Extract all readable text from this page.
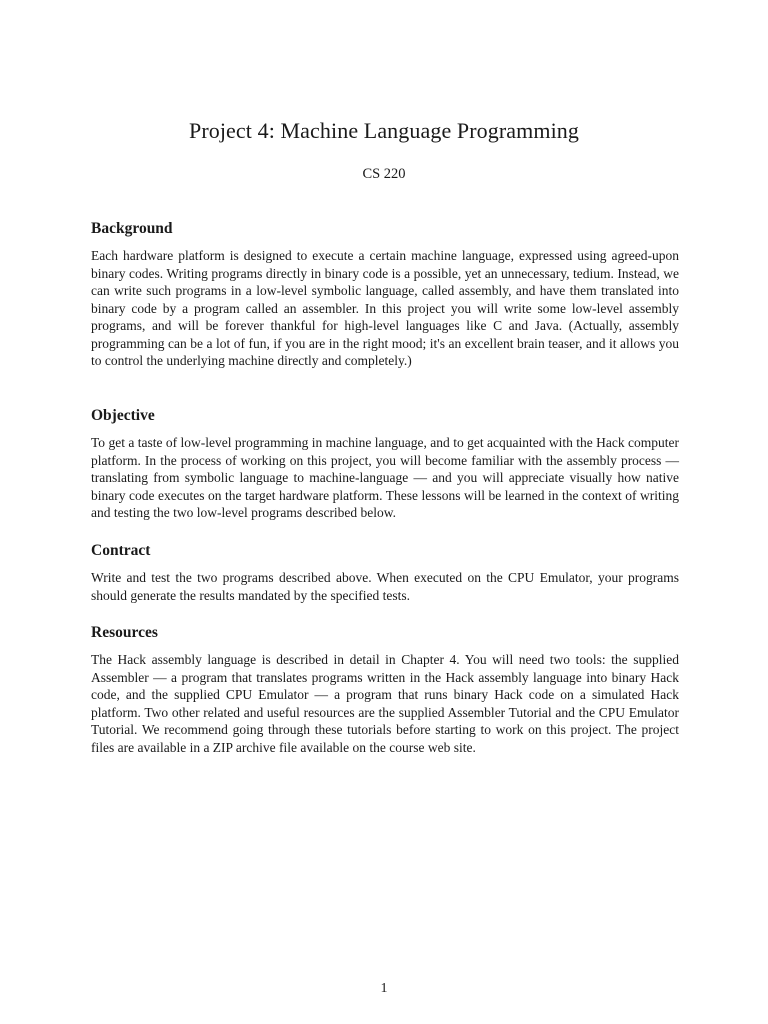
Project 4: Machine Language Programming
CS 220
Background

Each hardware platform is designed to execute a certain machine language, expressed using agreed-upon binary codes. Writing programs directly in binary code is a possible, yet an unnecessary, tedium. Instead, we can write such programs in a low-level symbolic language, called assembly, and have them translated into binary code by a program called an assembler. In this project you will write some low-level assembly programs, and will be forever thankful for high-level languages like C and Java. (Actually, assembly programming can be a lot of fun, if you are in the right mood; it's an excellent brain teaser, and it allows you to control the underlying machine directly and completely.)

Objective

To get a taste of low-level programming in machine language, and to get acquainted with the Hack computer platform. In the process of working on this project, you will become familiar with the assembly process — translating from symbolic language to machine-language — and you will appreciate visually how native binary code executes on the target hardware platform. These lessons will be learned in the context of writing and testing the two low-level programs described below.

Contract

Write and test the two programs described above. When executed on the CPU Emulator, your programs should generate the results mandated by the specified tests.

Resources

The Hack assembly language is described in detail in Chapter 4. You will need two tools: the supplied Assembler — a program that translates programs written in the Hack assembly language into binary Hack code, and the supplied CPU Emulator — a program that runs binary Hack code on a simulated Hack platform. Two other related and useful resources are the supplied Assembler Tutorial and the CPU Emulator Tutorial. We recommend going through these tutorials before starting to work on this project. The project files are available in a ZIP archive file available on the course web site.

1
